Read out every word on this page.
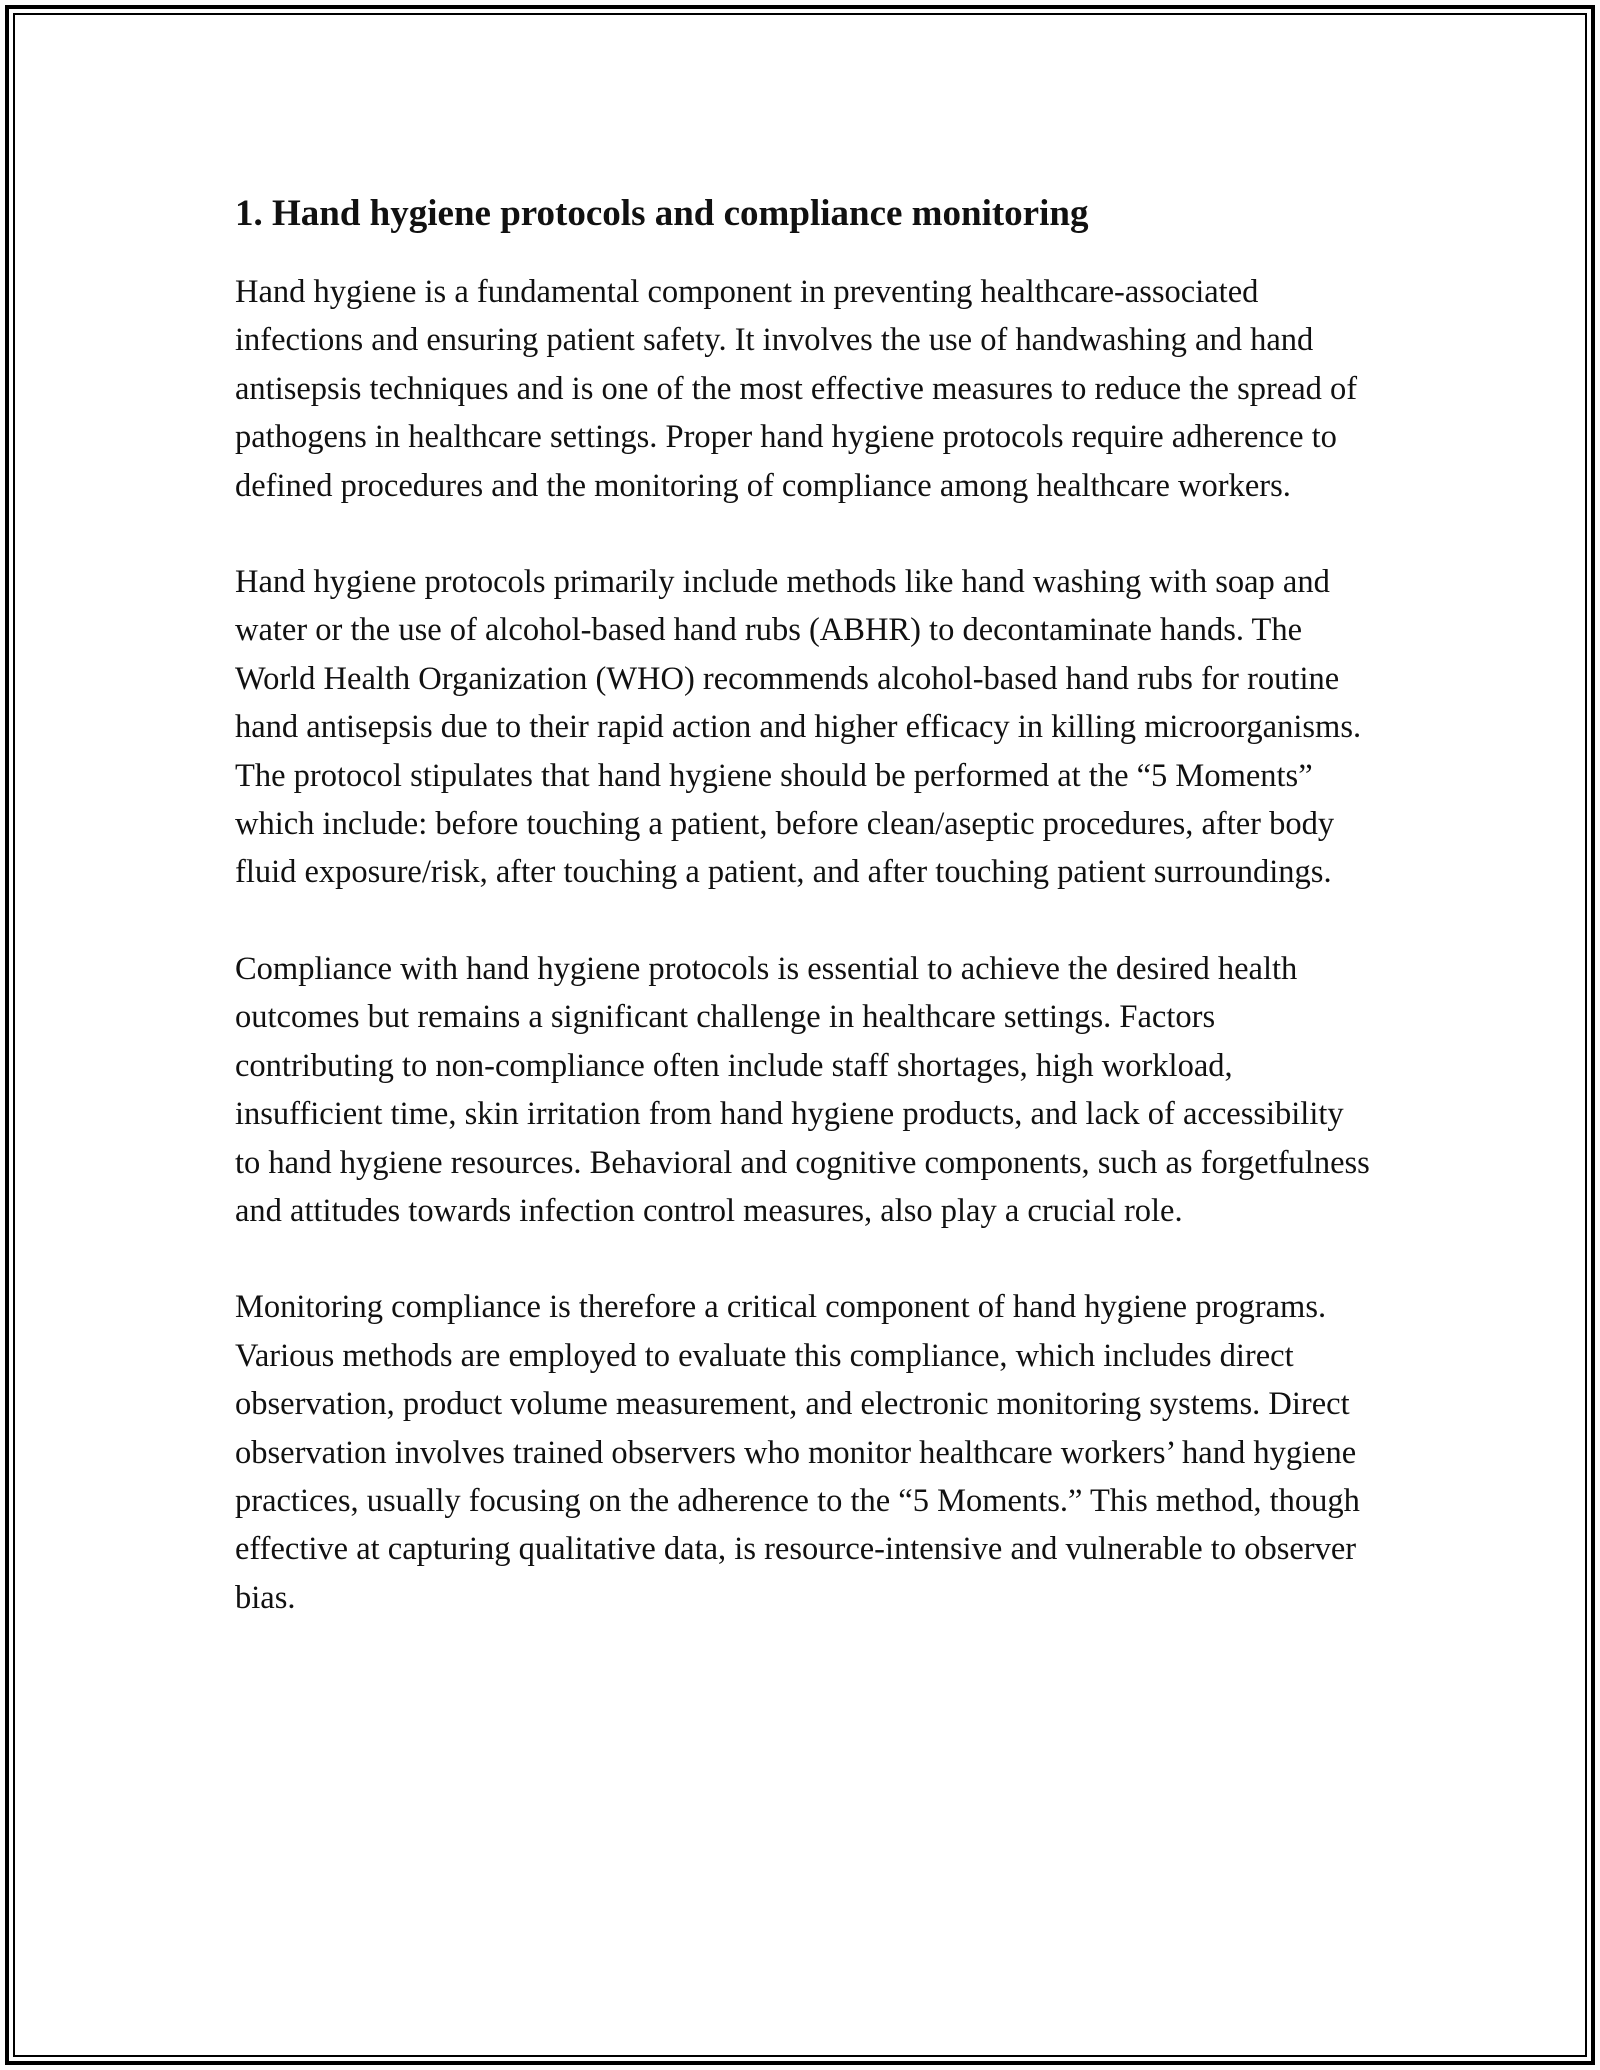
1. Hand hygiene protocols and compliance monitoring

Hand hygiene is a fundamental component in preventing healthcare-associated infections and ensuring patient safety. It involves the use of handwashing and hand antisepsis techniques and is one of the most effective measures to reduce the spread of pathogens in healthcare settings. Proper hand hygiene protocols require adherence to defined procedures and the monitoring of compliance among healthcare workers.

Hand hygiene protocols primarily include methods like hand washing with soap and water or the use of alcohol-based hand rubs (ABHR) to decontaminate hands. The World Health Organization (WHO) recommends alcohol-based hand rubs for routine hand antisepsis due to their rapid action and higher efficacy in killing microorganisms. The protocol stipulates that hand hygiene should be performed at the “5 Moments” which include: before touching a patient, before clean/aseptic procedures, after body fluid exposure/risk, after touching a patient, and after touching patient surroundings.

Compliance with hand hygiene protocols is essential to achieve the desired health outcomes but remains a significant challenge in healthcare settings. Factors contributing to non-compliance often include staff shortages, high workload, insufficient time, skin irritation from hand hygiene products, and lack of accessibility to hand hygiene resources. Behavioral and cognitive components, such as forgetfulness and attitudes towards infection control measures, also play a crucial role.

Monitoring compliance is therefore a critical component of hand hygiene programs. Various methods are employed to evaluate this compliance, which includes direct observation, product volume measurement, and electronic monitoring systems. Direct observation involves trained observers who monitor healthcare workers’ hand hygiene practices, usually focusing on the adherence to the “5 Moments.” This method, though effective at capturing qualitative data, is resource-intensive and vulnerable to observer bias.
